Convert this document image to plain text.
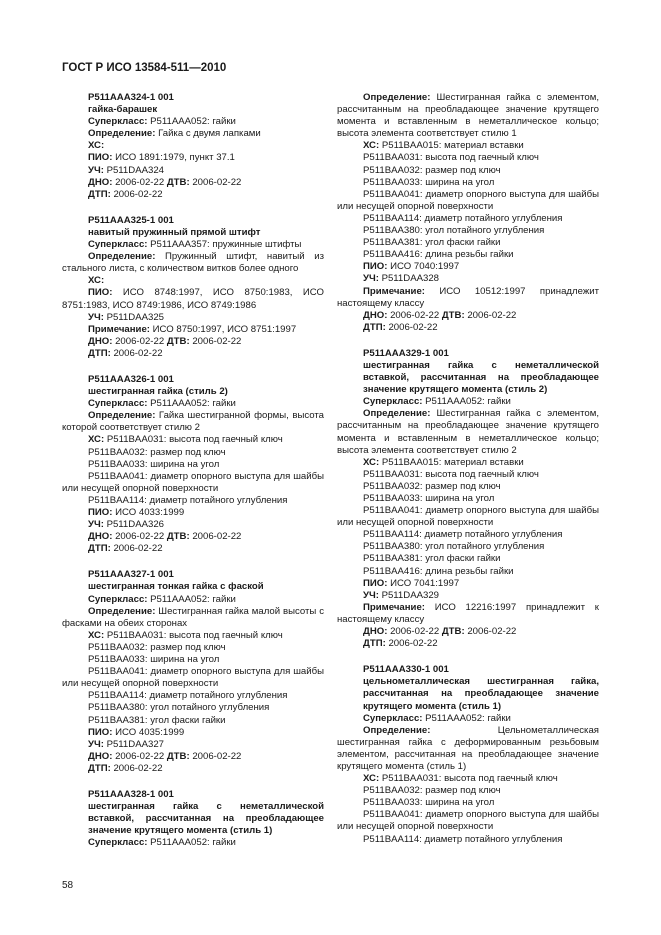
ГОСТ Р ИСО 13584-511—2010
P511AAA324-1 001
гайка-барашек
Суперкласс: P511AAA052: гайки
Определение: Гайка с двумя лапками
ХС:
ПИО: ИСО 1891:1979, пункт 37.1
УЧ: P511DAA324
ДНО: 2006-02-22 ДТВ: 2006-02-22
ДТП: 2006-02-22
P511AAA325-1 001
навитый пружинный прямой штифт
Суперкласс: P511AAA357: пружинные штифты
Определение: Пружинный штифт, навитый из стального листа, с количеством витков более одного
ХС:
ПИО: ИСО 8748:1997, ИСО 8750:1983, ИСО 8751:1983, ИСО 8749:1986, ИСО 8749:1986
УЧ: P511DAA325
Примечание: ИСО 8750:1997, ИСО 8751:1997
ДНО: 2006-02-22 ДТВ: 2006-02-22
ДТП: 2006-02-22
P511AAA326-1 001
шестигранная гайка (стиль 2)
Суперкласс: P511AAA052: гайки
Определение: Гайка шестигранной формы, высота которой соответствует стилю 2
ХС: P511BAA031: высота под гаечный ключ
P511BAA032: размер под ключ
P511BAA033: ширина на угол
P511BAA041: диаметр опорного выступа для шайбы или несущей опорной поверхности
P511BAA114: диаметр потайного углубления
ПИО: ИСО 4033:1999
УЧ: P511DAA326
ДНО: 2006-02-22 ДТВ: 2006-02-22
ДТП: 2006-02-22
P511AAA327-1 001
шестигранная тонкая гайка с фаской
Суперкласс: P511AAA052: гайки
Определение: Шестигранная гайка малой высоты с фасками на обеих сторонах
ХС: P511BAA031: высота под гаечный ключ
P511BAA032: размер под ключ
P511BAA033: ширина на угол
P511BAA041: диаметр опорного выступа для шайбы или несущей опорной поверхности
P511BAA114: диаметр потайного углубления
P511BAA380: угол потайного углубления
P511BAA381: угол фаски гайки
ПИО: ИСО 4035:1999
УЧ: P511DAA327
ДНО: 2006-02-22 ДТВ: 2006-02-22
ДТП: 2006-02-22
P511AAA328-1 001
шестигранная гайка с неметаллической вставкой, рассчитанная на преобладающее значение крутящего момента (стиль 1)
Суперкласс: P511AAA052: гайки
Определение: Шестигранная гайка с элементом, рассчитанным на преобладающее значение крутящего момента и вставленным в неметаллическое кольцо; высота элемента соответствует стилю 1
ХС: P511BAA015: материал вставки
P511BAA031: высота под гаечный ключ
P511BAA032: размер под ключ
P511BAA033: ширина на угол
P511BAA041: диаметр опорного выступа для шайбы или несущей опорной поверхности
P511BAA114: диаметр потайного углубления
P511BAA380: угол потайного углубления
P511BAA381: угол фаски гайки
P511BAA416: длина резьбы гайки
ПИО: ИСО 7040:1997
УЧ: P511DAA328
Примечание: ИСО 10512:1997 принадлежит настоящему классу
ДНО: 2006-02-22 ДТВ: 2006-02-22
ДТП: 2006-02-22
P511AAA329-1 001
шестигранная гайка с неметаллической вставкой, рассчитанная на преобладающее значение крутящего момента (стиль 2)
Суперкласс: P511AAA052: гайки
Определение: Шестигранная гайка с элементом, рассчитанным на преобладающее значение крутящего момента и вставленным в неметаллическое кольцо; высота элемента соответствует стилю 2
ХС: P511BAA015: материал вставки
P511BAA031: высота под гаечный ключ
P511BAA032: размер под ключ
P511BAA033: ширина на угол
P511BAA041: диаметр опорного выступа для шайбы или несущей опорной поверхности
P511BAA114: диаметр потайного углубления
P511BAA380: угол потайного углубления
P511BAA381: угол фаски гайки
P511BAA416: длина резьбы гайки
ПИО: ИСО 7041:1997
УЧ: P511DAA329
Примечание: ИСО 12216:1997 принадлежит к настоящему классу
ДНО: 2006-02-22 ДТВ: 2006-02-22
ДТП: 2006-02-22
P511AAA330-1 001
цельнометаллическая шестигранная гайка, рассчитанная на преобладающее значение крутящего момента (стиль 1)
Суперкласс: P511AAA052: гайки
Определение: Цельнометаллическая шестигранная гайка с деформированным резьбовым элементом, рассчитанная на преобладающее значение крутящего момента (стиль 1)
ХС: P511BAA031: высота под гаечный ключ
P511BAA032: размер под ключ
P511BAA033: ширина на угол
P511BAA041: диаметр опорного выступа для шайбы или несущей опорной поверхности
P511BAA114: диаметр потайного углубления
58
